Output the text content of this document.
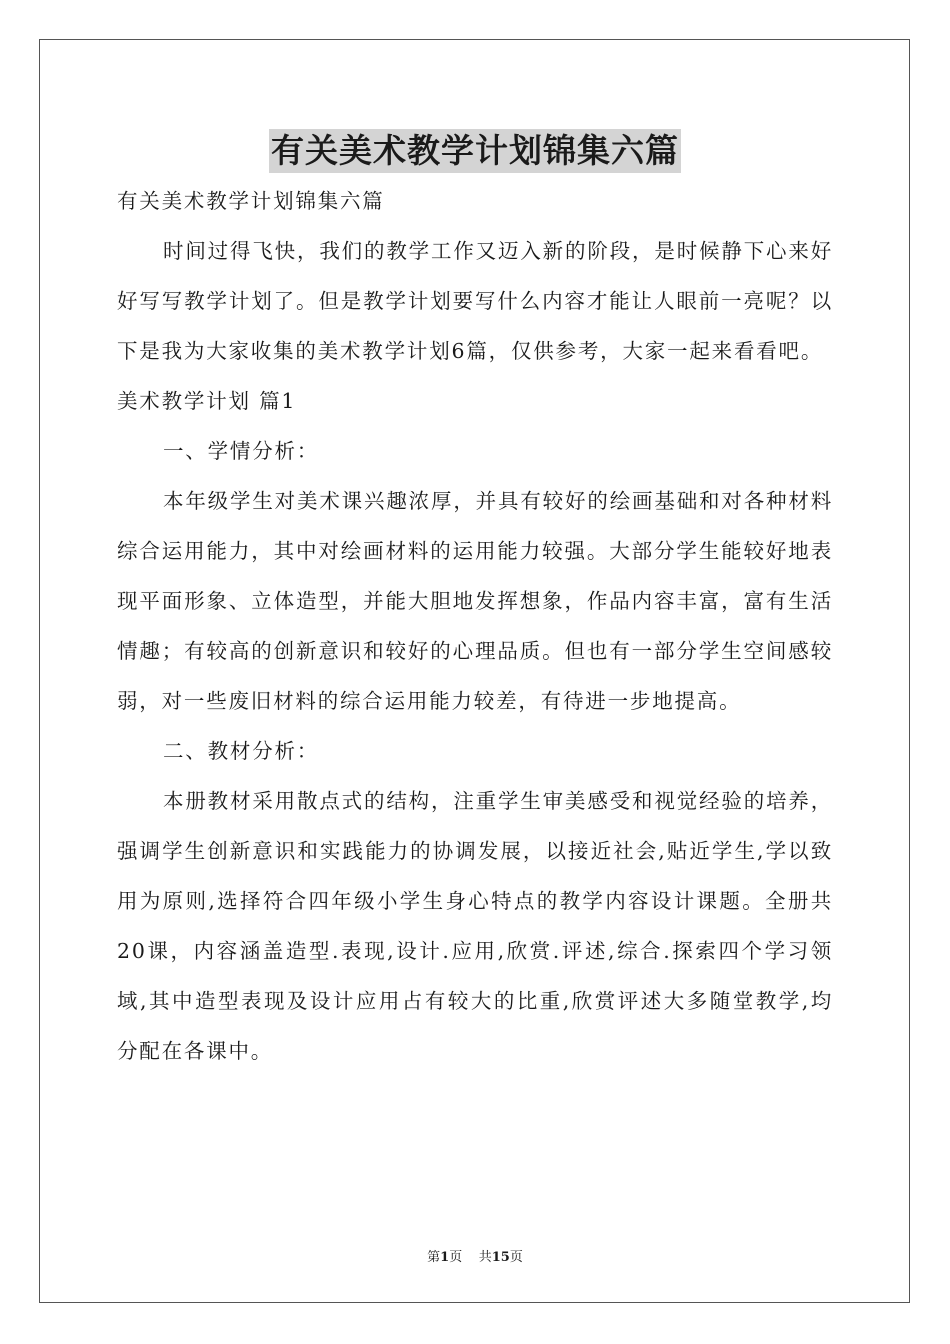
有关美术教学计划锦集六篇

有关美术教学计划锦集六篇

时间过得飞快，我们的教学工作又迈入新的阶段，是时候静下心来好好写写教学计划了。但是教学计划要写什么内容才能让人眼前一亮呢？以下是我为大家收集的美术教学计划6篇，仅供参考，大家一起来看看吧。

美术教学计划 篇1

一、学情分析：

本年级学生对美术课兴趣浓厚，并具有较好的绘画基础和对各种材料综合运用能力，其中对绘画材料的运用能力较强。大部分学生能较好地表现平面形象、立体造型，并能大胆地发挥想象，作品内容丰富，富有生活情趣；有较高的创新意识和较好的心理品质。但也有一部分学生空间感较弱，对一些废旧材料的综合运用能力较差，有待进一步地提高。

二、教材分析：

本册教材采用散点式的结构，注重学生审美感受和视觉经验的培养，强调学生创新意识和实践能力的协调发展，以接近社会,贴近学生,学以致用为原则,选择符合四年级小学生身心特点的教学内容设计课题。全册共20课，内容涵盖造型.表现,设计.应用,欣赏.评述,综合.探索四个学习领域,其中造型表现及设计应用占有较大的比重,欣赏评述大多随堂教学,均分配在各课中。

第1页 共15页
